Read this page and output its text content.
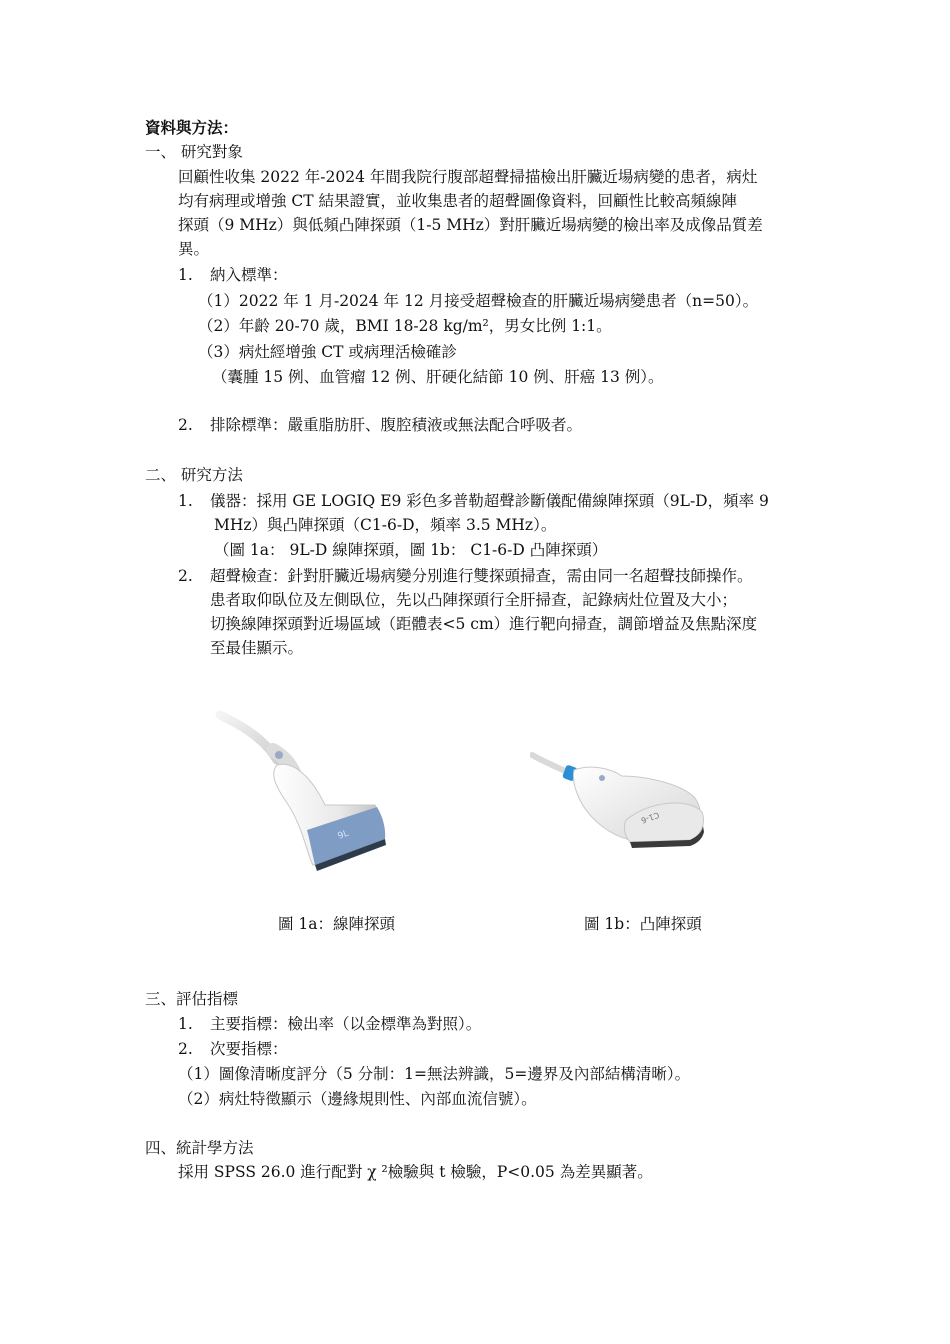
資料與方法：
一、 研究對象
回顧性收集 2022 年-2024 年間我院行腹部超聲掃描檢出肝臟近場病變的患者，病灶
均有病理或增強 CT 結果證實，並收集患者的超聲圖像資料，回顧性比較高頻線陣
探頭（9 MHz）與低頻凸陣探頭（1-5 MHz）對肝臟近場病變的檢出率及成像品質差
異。
1. 納入標準：
（1）2022 年 1 月-2024 年 12 月接受超聲檢查的肝臟近場病變患者（n=50）。
（2）年齡 20-70 歲，BMI 18-28 kg/m²，男女比例 1:1。
（3）病灶經增強 CT 或病理活檢確診
（囊腫 15 例、血管瘤 12 例、肝硬化結節 10 例、肝癌 13 例）。
2. 排除標準：嚴重脂肪肝、腹腔積液或無法配合呼吸者。
二、 研究方法
1. 儀器：採用 GE LOGIQ E9 彩色多普勒超聲診斷儀配備線陣探頭（9L-D，頻率 9
MHz）與凸陣探頭（C1-6-D，頻率 3.5 MHz）。
（圖 1a： 9L-D 線陣探頭，圖 1b： C1-6-D 凸陣探頭）
2. 超聲檢查：針對肝臟近場病變分別進行雙探頭掃查，需由同一名超聲技師操作。
患者取仰臥位及左側臥位，先以凸陣探頭行全肝掃查，記錄病灶位置及大小；
切換線陣探頭對近場區域（距體表<5 cm）進行靶向掃查，調節增益及焦點深度
至最佳顯示。
9L
C1-6
圖 1a：線陣探頭	圖 1b：凸陣探頭
三、評估指標
1. 主要指標：檢出率（以金標準為對照）。
2. 次要指標：
（1）圖像清晰度評分（5 分制：1=無法辨識，5=邊界及內部結構清晰）。
（2）病灶特徵顯示（邊緣規則性、內部血流信號）。
四、統計學方法
採用 SPSS 26.0 進行配對 χ ²檢驗與 t 檢驗，P<0.05 為差異顯著。
